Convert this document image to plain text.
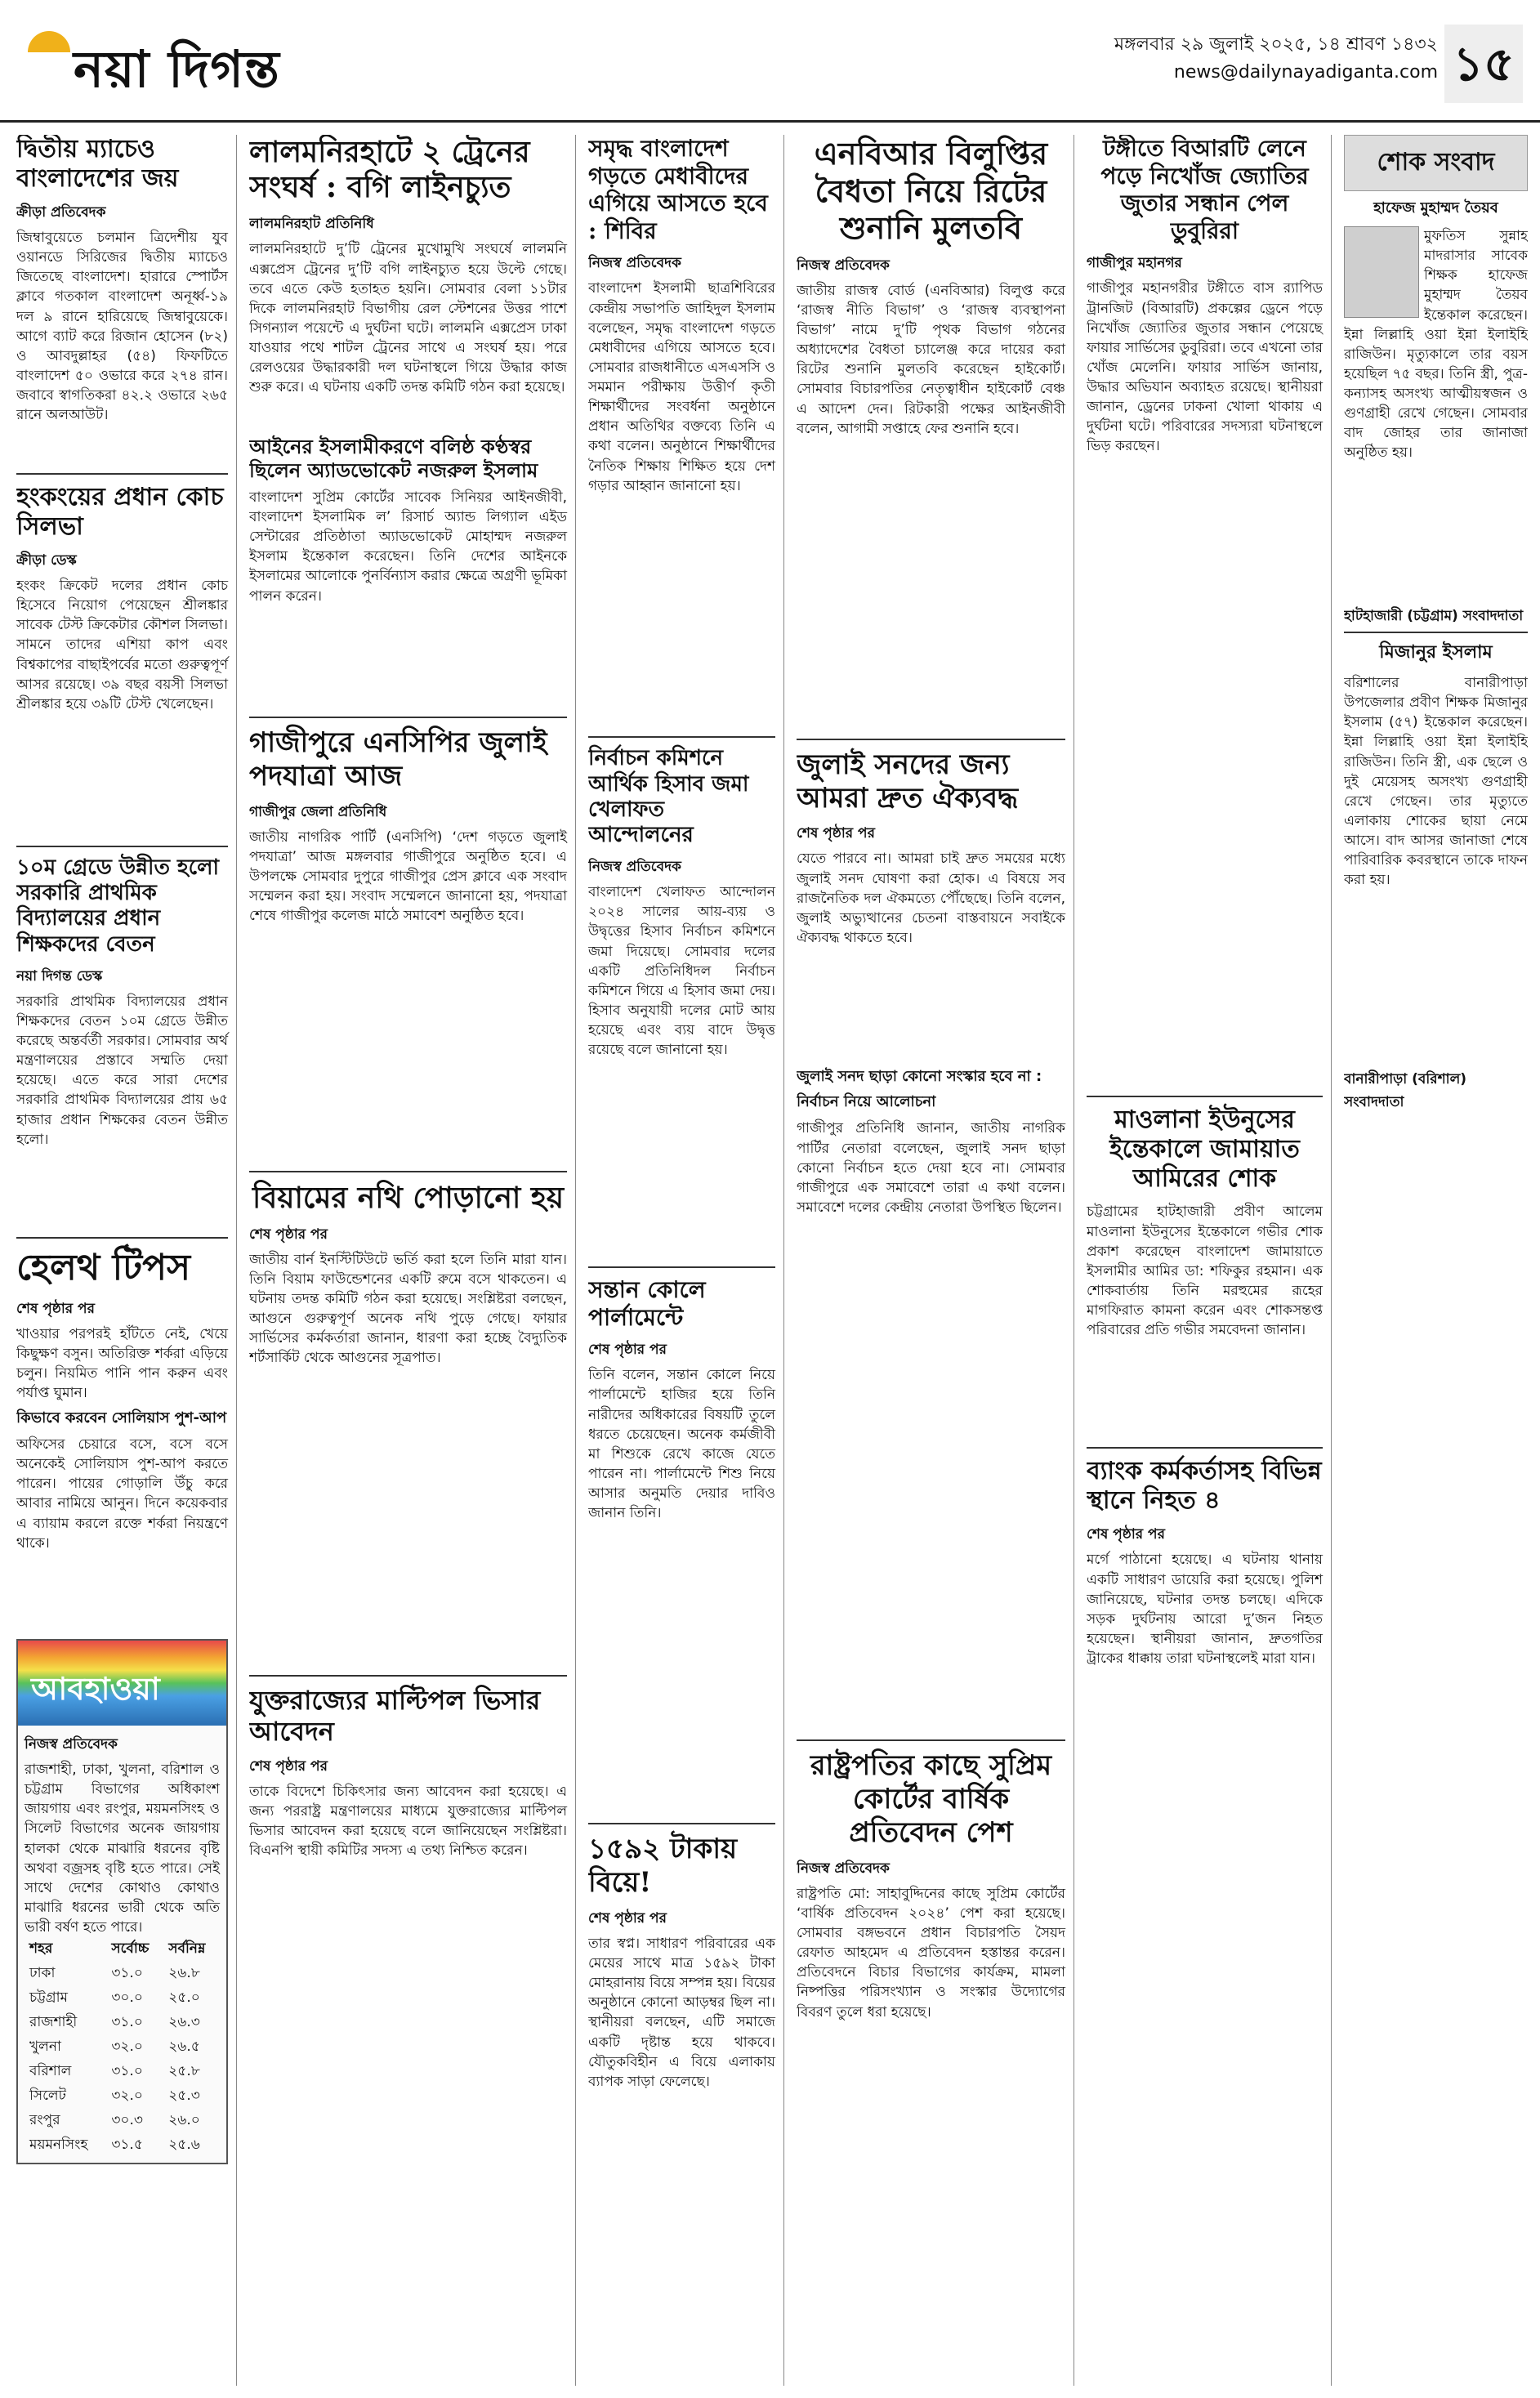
নয়া দিগন্ত	মঙ্গলবার ২৯ জুলাই ২০২৫, ১৪ শ্রাবণ ১৪৩২
news@dailynayadiganta.com ১৫
দ্বিতীয় ম্যাচেও বাংলাদেশের জয়
ক্রীড়া প্রতিবেদক
জিম্বাবুয়েতে চলমান ত্রিদেশীয় যুব ওয়ানডে সিরিজের দ্বিতীয় ম্যাচেও জিতেছে বাংলাদেশ। হারারে স্পোর্টস ক্লাবে গতকাল বাংলাদেশ অনূর্ধ্ব-১৯ দল ৯ রানে হারিয়েছে জিম্বাবুয়েকে। আগে ব্যাট করে রিজান হোসেন (৮২) ও আবদুল্লাহর (৫৪) ফিফটিতে বাংলাদেশ ৫০ ওভারে করে ২৭৪ রান। জবাবে স্বাগতিকরা ৪২.২ ওভারে ২৬৫ রানে অলআউট।
হংকংয়ের প্রধান কোচ সিলভা
ক্রীড়া ডেস্ক
হংকং ক্রিকেট দলের প্রধান কোচ হিসেবে নিয়োগ পেয়েছেন শ্রীলঙ্কার সাবেক টেস্ট ক্রিকেটার কৌশল সিলভা। সামনে তাদের এশিয়া কাপ এবং বিশ্বকাপের বাছাইপর্বের মতো গুরুত্বপূর্ণ আসর রয়েছে। ৩৯ বছর বয়সী সিলভা শ্রীলঙ্কার হয়ে ৩৯টি টেস্ট খেলেছেন।
১০ম গ্রেডে উন্নীত হলো সরকারি প্রাথমিক বিদ্যালয়ের প্রধান শিক্ষকদের বেতন
নয়া দিগন্ত ডেস্ক
সরকারি প্রাথমিক বিদ্যালয়ের প্রধান শিক্ষকদের বেতন ১০ম গ্রেডে উন্নীত করেছে অন্তর্বর্তী সরকার। সোমবার অর্থ মন্ত্রণালয়ের প্রস্তাবে সম্মতি দেয়া হয়েছে। এতে করে সারা দেশের সরকারি প্রাথমিক বিদ্যালয়ের প্রায় ৬৫ হাজার প্রধান শিক্ষকের বেতন উন্নীত হলো।
হেলথ টিপস
শেষ পৃষ্ঠার পর
খাওয়ার পরপরই হাঁটতে নেই, খেয়ে কিছুক্ষণ বসুন। অতিরিক্ত শর্করা এড়িয়ে চলুন। নিয়মিত পানি পান করুন এবং পর্যাপ্ত ঘুমান।
কিভাবে করবেন সোলিয়াস পুশ-আপ
অফিসের চেয়ারে বসে, বসে বসে অনেকেই সোলিয়াস পুশ-আপ করতে পারেন। পায়ের গোড়ালি উঁচু করে আবার নামিয়ে আনুন। দিনে কয়েকবার এ ব্যায়াম করলে রক্তে শর্করা নিয়ন্ত্রণে থাকে।
আবহাওয়া
নিজস্ব প্রতিবেদক
রাজশাহী, ঢাকা, খুলনা, বরিশাল ও চট্টগ্রাম বিভাগের অধিকাংশ জায়গায় এবং রংপুর, ময়মনসিংহ ও সিলেট বিভাগের অনেক জায়গায় হালকা থেকে মাঝারি ধরনের বৃষ্টি অথবা বজ্রসহ বৃষ্টি হতে পারে। সেই সাথে দেশের কোথাও কোথাও মাঝারি ধরনের ভারী থেকে অতি ভারী বর্ষণ হতে পারে।
শহর	সর্বোচ্চ	সর্বনিম্ন
ঢাকা	৩১.০	২৬.৮
চট্টগ্রাম	৩০.০	২৫.০
রাজশাহী	৩১.০	২৬.৩
খুলনা	৩২.০	২৬.৫
বরিশাল	৩১.০	২৫.৮
সিলেট	৩২.০	২৫.৩
রংপুর	৩০.৩	২৬.০
ময়মনসিংহ	৩১.৫	২৫.৬
লালমনিরহাটে ২ ট্রেনের সংঘর্ষ : বগি লাইনচ্যুত
লালমনিরহাট প্রতিনিধি
লালমনিরহাটে দু’টি ট্রেনের মুখোমুখি সংঘর্ষে লালমনি এক্সপ্রেস ট্রেনের দু’টি বগি লাইনচ্যুত হয়ে উল্টে গেছে। তবে এতে কেউ হতাহত হয়নি। সোমবার বেলা ১১টার দিকে লালমনিরহাট বিভাগীয় রেল স্টেশনের উত্তর পাশে সিগন্যাল পয়েন্টে এ দুর্ঘটনা ঘটে। লালমনি এক্সপ্রেস ঢাকা যাওয়ার পথে শাটল ট্রেনের সাথে এ সংঘর্ষ হয়। পরে রেলওয়ের উদ্ধারকারী দল ঘটনাস্থলে গিয়ে উদ্ধার কাজ শুরু করে। এ ঘটনায় একটি তদন্ত কমিটি গঠন করা হয়েছে।
আইনের ইসলামীকরণে বলিষ্ঠ কণ্ঠস্বর ছিলেন অ্যাডভোকেট নজরুল ইসলাম
বাংলাদেশ সুপ্রিম কোর্টের সাবেক সিনিয়র আইনজীবী, বাংলাদেশ ইসলামিক ল’ রিসার্চ অ্যান্ড লিগ্যাল এইড সেন্টারের প্রতিষ্ঠাতা অ্যাডভোকেট মোহাম্মদ নজরুল ইসলাম ইন্তেকাল করেছেন। তিনি দেশের আইনকে ইসলামের আলোকে পুনর্বিন্যাস করার ক্ষেত্রে অগ্রণী ভূমিকা পালন করেন।
গাজীপুরে এনসিপির জুলাই পদযাত্রা আজ
গাজীপুর জেলা প্রতিনিধি
জাতীয় নাগরিক পার্টি (এনসিপি) ‘দেশ গড়তে জুলাই পদযাত্রা’ আজ মঙ্গলবার গাজীপুরে অনুষ্ঠিত হবে। এ উপলক্ষে সোমবার দুপুরে গাজীপুর প্রেস ক্লাবে এক সংবাদ সম্মেলন করা হয়। সংবাদ সম্মেলনে জানানো হয়, পদযাত্রা শেষে গাজীপুর কলেজ মাঠে সমাবেশ অনুষ্ঠিত হবে।
বিয়ামের নথি পোড়ানো হয়
শেষ পৃষ্ঠার পর
জাতীয় বার্ন ইনস্টিটিউটে ভর্তি করা হলে তিনি মারা যান। তিনি বিয়াম ফাউন্ডেশনের একটি রুমে বসে থাকতেন। এ ঘটনায় তদন্ত কমিটি গঠন করা হয়েছে। সংশ্লিষ্টরা বলছেন, আগুনে গুরুত্বপূর্ণ অনেক নথি পুড়ে গেছে। ফায়ার সার্ভিসের কর্মকর্তারা জানান, ধারণা করা হচ্ছে বৈদ্যুতিক শর্টসার্কিট থেকে আগুনের সূত্রপাত।
যুক্তরাজ্যের মাল্টিপল ভিসার আবেদন
শেষ পৃষ্ঠার পর
তাকে বিদেশে চিকিৎসার জন্য আবেদন করা হয়েছে। এ জন্য পররাষ্ট্র মন্ত্রণালয়ের মাধ্যমে যুক্তরাজ্যের মাল্টিপল ভিসার আবেদন করা হয়েছে বলে জানিয়েছেন সংশ্লিষ্টরা। বিএনপি স্থায়ী কমিটির সদস্য এ তথ্য নিশ্চিত করেন।
সমৃদ্ধ বাংলাদেশ গড়তে মেধাবীদের এগিয়ে আসতে হবে : শিবির
নিজস্ব প্রতিবেদক
বাংলাদেশ ইসলামী ছাত্রশিবিরের কেন্দ্রীয় সভাপতি জাহিদুল ইসলাম বলেছেন, সমৃদ্ধ বাংলাদেশ গড়তে মেধাবীদের এগিয়ে আসতে হবে। সোমবার রাজধানীতে এসএসসি ও সমমান পরীক্ষায় উত্তীর্ণ কৃতী শিক্ষার্থীদের সংবর্ধনা অনুষ্ঠানে প্রধান অতিথির বক্তব্যে তিনি এ কথা বলেন। অনুষ্ঠানে শিক্ষার্থীদের নৈতিক শিক্ষায় শিক্ষিত হয়ে দেশ গড়ার আহ্বান জানানো হয়।
নির্বাচন কমিশনে আর্থিক হিসাব জমা খেলাফত আন্দোলনের
নিজস্ব প্রতিবেদক
বাংলাদেশ খেলাফত আন্দোলন ২০২৪ সালের আয়-ব্যয় ও উদ্বৃত্তের হিসাব নির্বাচন কমিশনে জমা দিয়েছে। সোমবার দলের একটি প্রতিনিধিদল নির্বাচন কমিশনে গিয়ে এ হিসাব জমা দেয়। হিসাব অনুযায়ী দলের মোট আয় হয়েছে এবং ব্যয় বাদে উদ্বৃত্ত রয়েছে বলে জানানো হয়।
সন্তান কোলে পার্লামেন্টে
শেষ পৃষ্ঠার পর
তিনি বলেন, সন্তান কোলে নিয়ে পার্লামেন্টে হাজির হয়ে তিনি নারীদের অধিকারের বিষয়টি তুলে ধরতে চেয়েছেন। অনেক কর্মজীবী মা শিশুকে রেখে কাজে যেতে পারেন না। পার্লামেন্টে শিশু নিয়ে আসার অনুমতি দেয়ার দাবিও জানান তিনি।
১৫৯২ টাকায় বিয়ে!
শেষ পৃষ্ঠার পর
তার স্বপ্ন। সাধারণ পরিবারের এক মেয়ের সাথে মাত্র ১৫৯২ টাকা মোহরানায় বিয়ে সম্পন্ন হয়। বিয়ের অনুষ্ঠানে কোনো আড়ম্বর ছিল না। স্থানীয়রা বলছেন, এটি সমাজে একটি দৃষ্টান্ত হয়ে থাকবে। যৌতুকবিহীন এ বিয়ে এলাকায় ব্যাপক সাড়া ফেলেছে।
এনবিআর বিলুপ্তির বৈধতা নিয়ে রিটের শুনানি মুলতবি
নিজস্ব প্রতিবেদক
জাতীয় রাজস্ব বোর্ড (এনবিআর) বিলুপ্ত করে ‘রাজস্ব নীতি বিভাগ’ ও ‘রাজস্ব ব্যবস্থাপনা বিভাগ’ নামে দু’টি পৃথক বিভাগ গঠনের অধ্যাদেশের বৈধতা চ্যালেঞ্জ করে দায়ের করা রিটের শুনানি মুলতবি করেছেন হাইকোর্ট। সোমবার বিচারপতির নেতৃত্বাধীন হাইকোর্ট বেঞ্চ এ আদেশ দেন। রিটকারী পক্ষের আইনজীবী বলেন, আগামী সপ্তাহে ফের শুনানি হবে।
জুলাই সনদের জন্য আমরা দ্রুত ঐক্যবদ্ধ
শেষ পৃষ্ঠার পর
যেতে পারবে না। আমরা চাই দ্রুত সময়ের মধ্যে জুলাই সনদ ঘোষণা করা হোক। এ বিষয়ে সব রাজনৈতিক দল ঐকমত্যে পৌঁছেছে। তিনি বলেন, জুলাই অভ্যুত্থানের চেতনা বাস্তবায়নে সবাইকে ঐক্যবদ্ধ থাকতে হবে।
জুলাই সনদ ছাড়া কোনো সংস্কার হবে না : নির্বাচন নিয়ে আলোচনা
গাজীপুর প্রতিনিধি জানান, জাতীয় নাগরিক পার্টির নেতারা বলেছেন, জুলাই সনদ ছাড়া কোনো নির্বাচন হতে দেয়া হবে না। সোমবার গাজীপুরে এক সমাবেশে তারা এ কথা বলেন। সমাবেশে দলের কেন্দ্রীয় নেতারা উপস্থিত ছিলেন।
রাষ্ট্রপতির কাছে সুপ্রিম কোর্টের বার্ষিক প্রতিবেদন পেশ
নিজস্ব প্রতিবেদক
রাষ্ট্রপতি মো: সাহাবুদ্দিনের কাছে সুপ্রিম কোর্টের ‘বার্ষিক প্রতিবেদন ২০২৪’ পেশ করা হয়েছে। সোমবার বঙ্গভবনে প্রধান বিচারপতি সৈয়দ রেফাত আহমেদ এ প্রতিবেদন হস্তান্তর করেন। প্রতিবেদনে বিচার বিভাগের কার্যক্রম, মামলা নিষ্পত্তির পরিসংখ্যান ও সংস্কার উদ্যোগের বিবরণ তুলে ধরা হয়েছে।
টঙ্গীতে বিআরটি লেনে পড়ে নিখোঁজ জ্যোতির জুতার সন্ধান পেল ডুবুরিরা
গাজীপুর মহানগর
গাজীপুর মহানগরীর টঙ্গীতে বাস র‌্যাপিড ট্রানজিট (বিআরটি) প্রকল্পের ড্রেনে পড়ে নিখোঁজ জ্যোতির জুতার সন্ধান পেয়েছে ফায়ার সার্ভিসের ডুবুরিরা। তবে এখনো তার খোঁজ মেলেনি। ফায়ার সার্ভিস জানায়, উদ্ধার অভিযান অব্যাহত রয়েছে। স্থানীয়রা জানান, ড্রেনের ঢাকনা খোলা থাকায় এ দুর্ঘটনা ঘটে। পরিবারের সদস্যরা ঘটনাস্থলে ভিড় করছেন।
মাওলানা ইউনুসের ইন্তেকালে জামায়াত আমিরের শোক
চট্টগ্রামের হাটহাজারী প্রবীণ আলেম মাওলানা ইউনুসের ইন্তেকালে গভীর শোক প্রকাশ করেছেন বাংলাদেশ জামায়াতে ইসলামীর আমির ডা: শফিকুর রহমান। এক শোকবার্তায় তিনি মরহুমের রূহের মাগফিরাত কামনা করেন এবং শোকসন্তপ্ত পরিবারের প্রতি গভীর সমবেদনা জানান।
ব্যাংক কর্মকর্তাসহ বিভিন্ন স্থানে নিহত ৪
শেষ পৃষ্ঠার পর
মর্গে পাঠানো হয়েছে। এ ঘটনায় থানায় একটি সাধারণ ডায়েরি করা হয়েছে। পুলিশ জানিয়েছে, ঘটনার তদন্ত চলছে। এদিকে সড়ক দুর্ঘটনায় আরো দু’জন নিহত হয়েছেন। স্থানীয়রা জানান, দ্রুতগতির ট্রাকের ধাক্কায় তারা ঘটনাস্থলেই মারা যান।
শোক সংবাদ
হাফেজ মুহাম্মদ তৈয়ব
মুফতিস সুন্নাহ মাদরাসার সাবেক শিক্ষক হাফেজ মুহাম্মদ তৈয়ব ইন্তেকাল করেছেন। ইন্না লিল্লাহি ওয়া ইন্না ইলাইহি রাজিউন। মৃত্যুকালে তার বয়স হয়েছিল ৭৫ বছর। তিনি স্ত্রী, পুত্র-কন্যাসহ অসংখ্য আত্মীয়স্বজন ও গুণগ্রাহী রেখে গেছেন। সোমবার বাদ জোহর তার জানাজা অনুষ্ঠিত হয়।
হাটহাজারী (চট্টগ্রাম) সংবাদদাতা
মিজানুর ইসলাম
বরিশালের বানারীপাড়া উপজেলার প্রবীণ শিক্ষক মিজানুর ইসলাম (৫৭) ইন্তেকাল করেছেন। ইন্না লিল্লাহি ওয়া ইন্না ইলাইহি রাজিউন। তিনি স্ত্রী, এক ছেলে ও দুই মেয়েসহ অসংখ্য গুণগ্রাহী রেখে গেছেন। তার মৃত্যুতে এলাকায় শোকের ছায়া নেমে আসে। বাদ আসর জানাজা শেষে পারিবারিক কবরস্থানে তাকে দাফন করা হয়।
বানারীপাড়া (বরিশাল) সংবাদদাতা
